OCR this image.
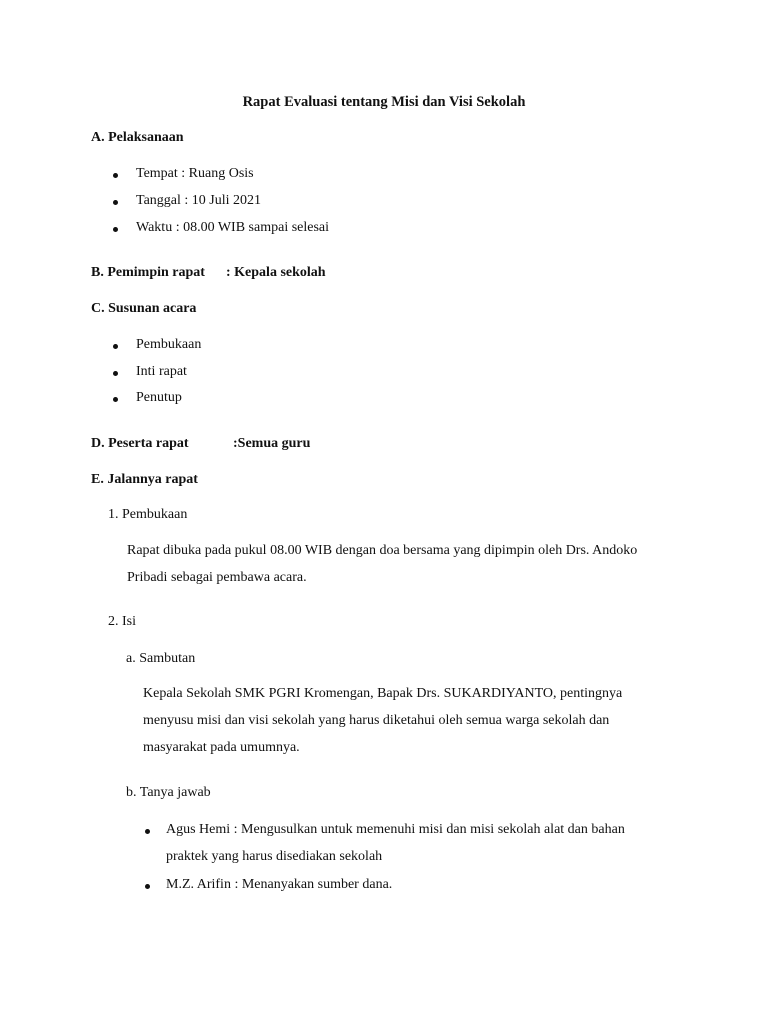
Rapat Evaluasi tentang Misi dan Visi Sekolah
A. Pelaksanaan
Tempat : Ruang Osis
Tanggal : 10 Juli 2021
Waktu : 08.00 WIB sampai selesai
B. Pemimpin rapat : Kepala sekolah
C. Susunan acara
Pembukaan
Inti rapat
Penutup
D. Peserta rapat	:Semua guru
E. Jalannya rapat
1. Pembukaan
Rapat dibuka pada pukul 08.00 WIB dengan doa bersama yang dipimpin oleh Drs. Andoko
Pribadi sebagai pembawa acara.
2. Isi
a. Sambutan
Kepala Sekolah SMK PGRI Kromengan, Bapak Drs. SUKARDIYANTO, pentingnya
menyusu misi dan visi sekolah yang harus diketahui oleh semua warga sekolah dan
masyarakat pada umumnya.
b. Tanya jawab
Agus Hemi : Mengusulkan untuk memenuhi misi dan misi sekolah alat dan bahan
praktek yang harus disediakan sekolah
M.Z. Arifin : Menanyakan sumber dana.
